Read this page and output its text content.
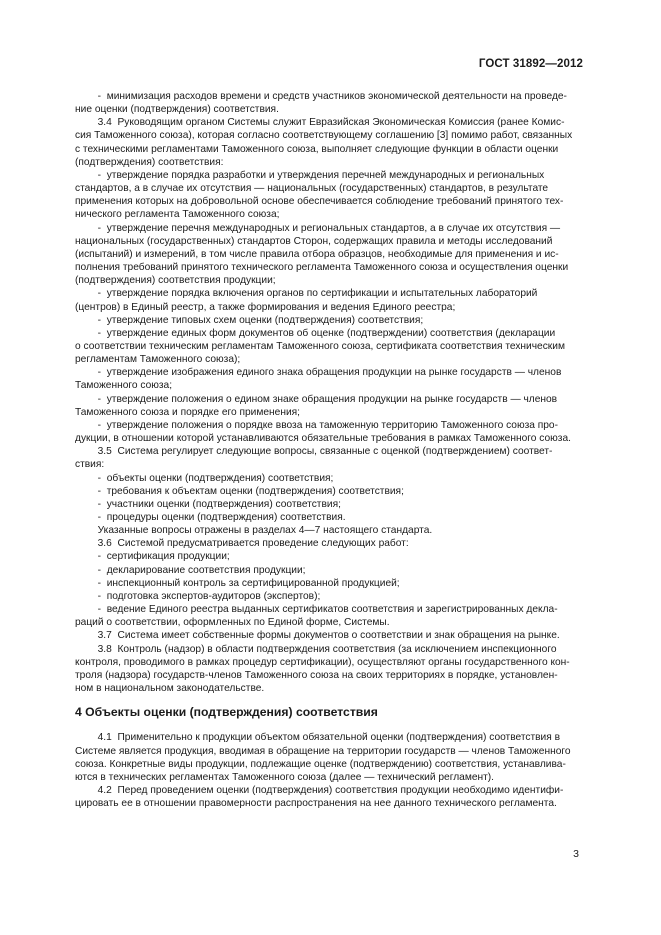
ГОСТ 31892—2012
-  минимизация расходов времени и средств участников экономической деятельности на проведе-
ние оценки (подтверждения) соответствия.
3.4  Руководящим органом Системы служит Евразийская Экономическая Комиссия (ранее Комис-
сия Таможенного союза), которая согласно соответствующему соглашению [3] помимо работ, связанных
с техническими регламентами Таможенного союза, выполняет следующие функции в области оценки
(подтверждения) соответствия:
-  утверждение порядка разработки и утверждения перечней международных и региональных
стандартов, а в случае их отсутствия — национальных (государственных) стандартов, в результате
применения которых на добровольной основе обеспечивается соблюдение требований принятого тех-
нического регламента Таможенного союза;
-  утверждение перечня международных и региональных стандартов, а в случае их отсутствия —
национальных (государственных) стандартов Сторон, содержащих правила и методы исследований
(испытаний) и измерений, в том числе правила отбора образцов, необходимые для применения и ис-
полнения требований принятого технического регламента Таможенного союза и осуществления оценки
(подтверждения) соответствия продукции;
-  утверждение порядка включения органов по сертификации и испытательных лабораторий
(центров) в Единый реестр, а также формирования и ведения Единого реестра;
-  утверждение типовых схем оценки (подтверждения) соответствия;
-  утверждение единых форм документов об оценке (подтверждении) соответствия (декларации
о соответствии техническим регламентам Таможенного союза, сертификата соответствия техническим
регламентам Таможенного союза);
-  утверждение изображения единого знака обращения продукции на рынке государств — членов
Таможенного союза;
-  утверждение положения о едином знаке обращения продукции на рынке государств — членов
Таможенного союза и порядке его применения;
-  утверждение положения о порядке ввоза на таможенную территорию Таможенного союза про-
дукции, в отношении которой устанавливаются обязательные требования в рамках Таможенного союза.
3.5  Система регулирует следующие вопросы, связанные с оценкой (подтверждением) соответ-
ствия:
-  объекты оценки (подтверждения) соответствия;
-  требования к объектам оценки (подтверждения) соответствия;
-  участники оценки (подтверждения) соответствия;
-  процедуры оценки (подтверждения) соответствия.
Указанные вопросы отражены в разделах 4—7 настоящего стандарта.
3.6  Системой предусматривается проведение следующих работ:
-  сертификация продукции;
-  декларирование соответствия продукции;
-  инспекционный контроль за сертифицированной продукцией;
-  подготовка экспертов-аудиторов (экспертов);
-  ведение Единого реестра выданных сертификатов соответствия и зарегистрированных декла-
раций о соответствии, оформленных по Единой форме, Системы.
3.7  Система имеет собственные формы документов о соответствии и знак обращения на рынке.
3.8  Контроль (надзор) в области подтверждения соответствия (за исключением инспекционного
контроля, проводимого в рамках процедур сертификации), осуществляют органы государственного кон-
троля (надзора) государств-членов Таможенного союза на своих территориях в порядке, установлен-
ном в национальном законодательстве.
4 Объекты оценки (подтверждения) соответствия
4.1  Применительно к продукции объектом обязательной оценки (подтверждения) соответствия в
Системе является продукция, вводимая в обращение на территории государств — членов Таможенного
союза. Конкретные виды продукции, подлежащие оценке (подтверждению) соответствия, устанавлива-
ются в технических регламентах Таможенного союза (далее — технический регламент).
4.2  Перед проведением оценки (подтверждения) соответствия продукции необходимо идентифи-
цировать ее в отношении правомерности распространения на нее данного технического регламента.
3
